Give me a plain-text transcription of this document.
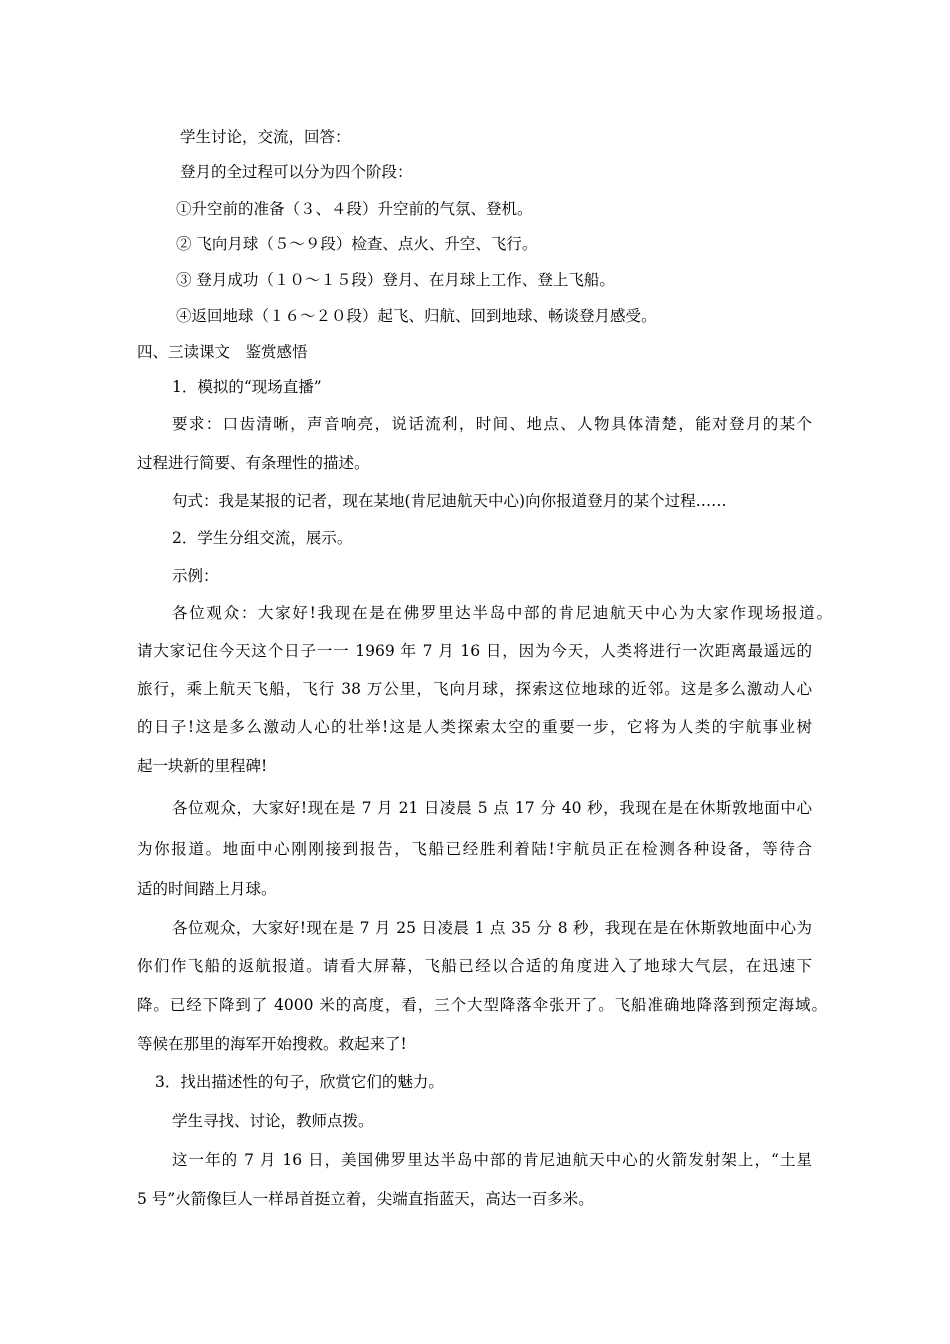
学生讨论，交流，回答：

登月的全过程可以分为四个阶段：

①升空前的准备（３、４段）升空前的气氛、登机。

② 飞向月球（５～９段）检查、点火、升空、飞行。

③ 登月成功（１０～１５段）登月、在月球上工作、登上飞船。

④返回地球（１６～２０段）起飞、归航、回到地球、畅谈登月感受。

四、三读课文　鉴赏感悟

1．模拟的“现场直播”

要求：口齿清晰，声音响亮，说话流利，时间、地点、人物具体清楚，能对登月的某个

过程进行简要、有条理性的描述。

句式：我是某报的记者，现在某地(肯尼迪航天中心)向你报道登月的某个过程……

2．学生分组交流，展示。

示例：

各位观众：大家好!我现在是在佛罗里达半岛中部的肯尼迪航天中心为大家作现场报道。

请大家记住今天这个日子一一 1969 年 7 月 16 日，因为今天，人类将进行一次距离最遥远的

旅行，乘上航天飞船，飞行 38 万公里，飞向月球，探索这位地球的近邻。这是多么激动人心

的日子!这是多么激动人心的壮举!这是人类探索太空的重要一步，它将为人类的宇航事业树

起一块新的里程碑!

各位观众，大家好!现在是 7 月 21 日凌晨 5 点 17 分 40 秒，我现在是在休斯敦地面中心

为你报道。地面中心刚刚接到报告，飞船已经胜利着陆!宇航员正在检测各种设备，等待合

适的时间踏上月球。

各位观众，大家好!现在是 7 月 25 日凌晨 1 点 35 分 8 秒，我现在是在休斯敦地面中心为

你们作飞船的返航报道。请看大屏幕，飞船已经以合适的角度进入了地球大气层，在迅速下

降。已经下降到了 4000 米的高度，看，三个大型降落伞张开了。飞船准确地降落到预定海域。

等候在那里的海军开始搜救。救起来了!

3．找出描述性的句子，欣赏它们的魅力。

学生寻找、讨论，教师点拨。

这一年的 7 月 16 日，美国佛罗里达半岛中部的肯尼迪航天中心的火箭发射架上，“土星

5 号”火箭像巨人一样昂首挺立着，尖端直指蓝天，高达一百多米。
